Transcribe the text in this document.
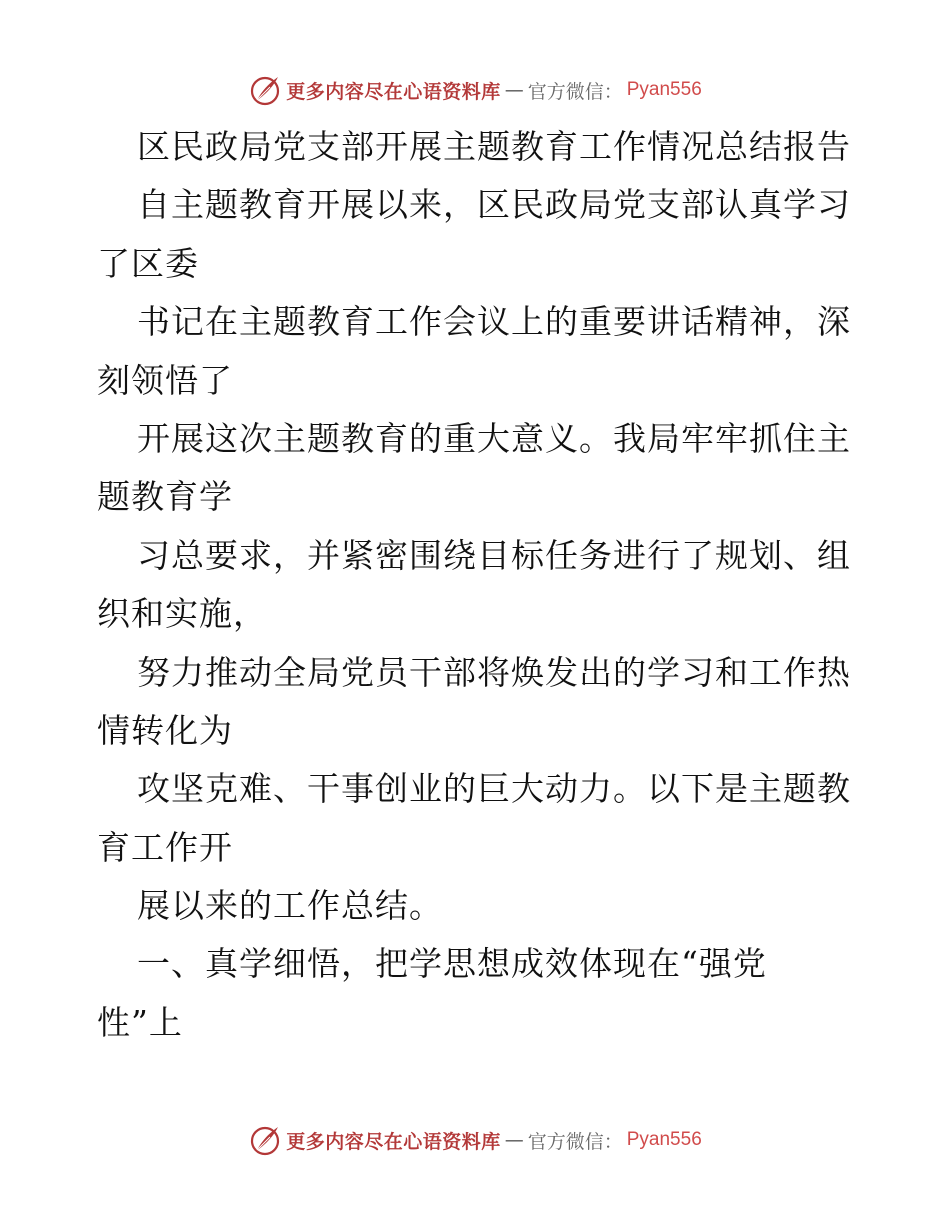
更多内容尽在心语资料库 — 官方微信： Pyan556
区民政局党支部开展主题教育工作情况总结报告
自主题教育开展以来，区民政局党支部认真学习
了区委
书记在主题教育工作会议上的重要讲话精神，深
刻领悟了
开展这次主题教育的重大意义。我局牢牢抓住主
题教育学
习总要求，并紧密围绕目标任务进行了规划、组
织和实施，
努力推动全局党员干部将焕发出的学习和工作热
情转化为
攻坚克难、干事创业的巨大动力。以下是主题教
育工作开
展以来的工作总结。
一、真学细悟，把学思想成效体现在“强党
性”上
更多内容尽在心语资料库 — 官方微信： Pyan556
